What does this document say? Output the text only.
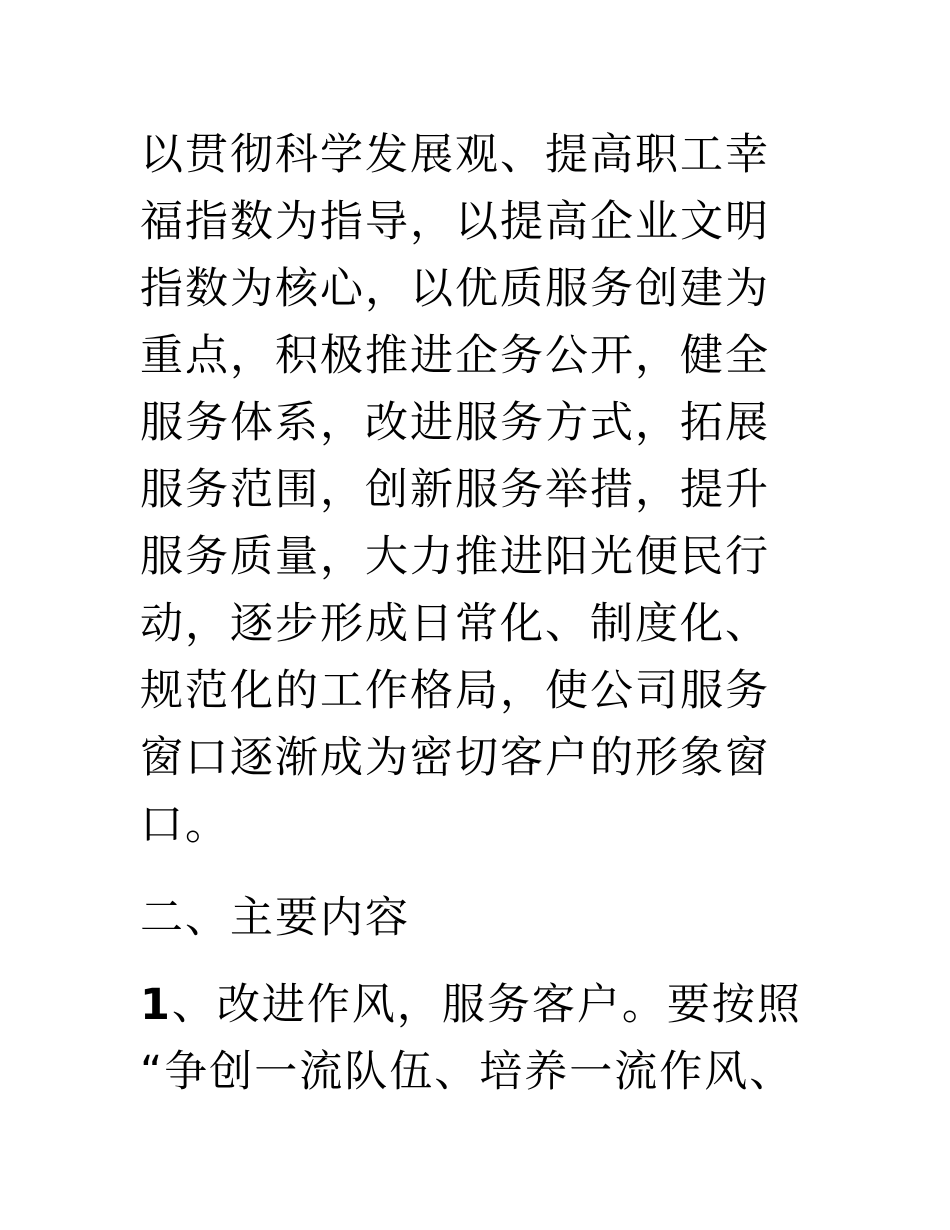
以贯彻科学发展观、提高职工幸
福指数为指导，以提高企业文明
指数为核心，以优质服务创建为
重点，积极推进企务公开，健全
服务体系，改进服务方式，拓展
服务范围，创新服务举措，提升
服务质量，大力推进阳光便民行
动，逐步形成日常化、制度化、
规范化的工作格局，使公司服务
窗口逐渐成为密切客户的形象窗
口。
二、主要内容
1、改进作风，服务客户。要按照
“争创一流队伍、培养一流作风、
